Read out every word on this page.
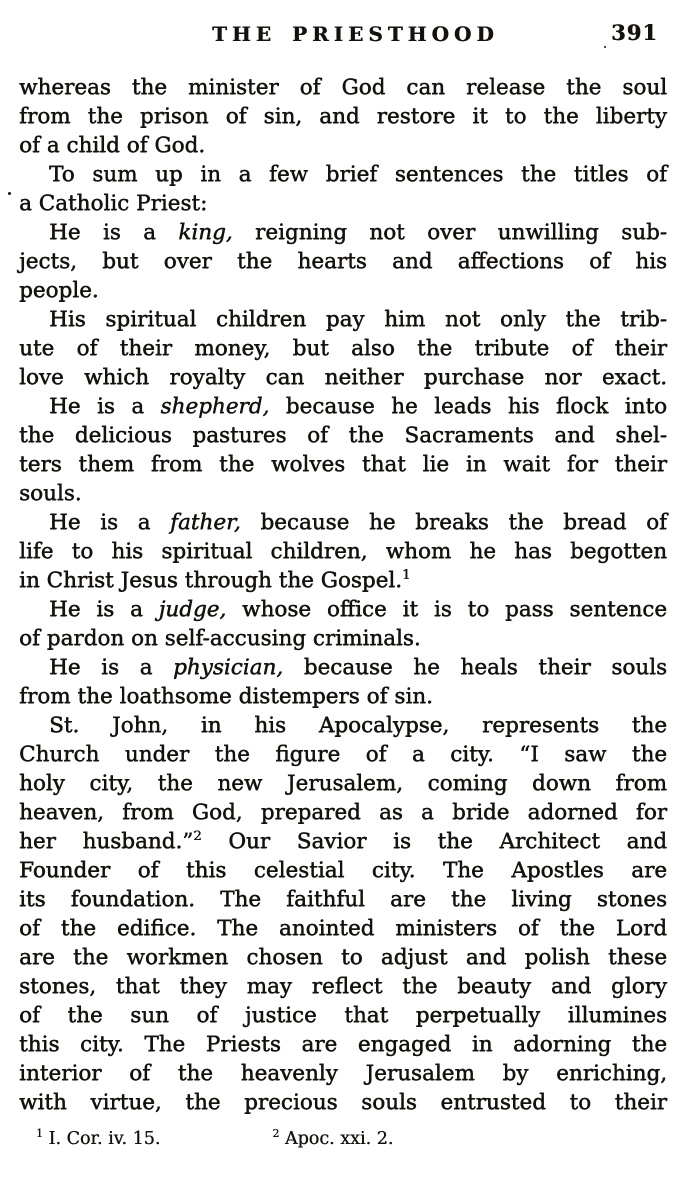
THE PRIESTHOOD	391
whereas the minister of God can release the soul
from the prison of sin, and restore it to the liberty
of a child of God.
To sum up in a few brief sentences the titles of
a Catholic Priest:
He is a king, reigning not over unwilling sub-
jects, but over the hearts and affections of his
people.
His spiritual children pay him not only the trib-
ute of their money, but also the tribute of their
love which royalty can neither purchase nor exact.
He is a shepherd, because he leads his flock into
the delicious pastures of the Sacraments and shel-
ters them from the wolves that lie in wait for their
souls.
He is a father, because he breaks the bread of
life to his spiritual children, whom he has begotten
in Christ Jesus through the Gospel.$^1$
He is a judge, whose office it is to pass sentence
of pardon on self-accusing criminals.
He is a physician, because he heals their souls
from the loathsome distempers of sin.
St. John, in his Apocalypse, represents the
Church under the figure of a city. “I saw the
holy city, the new Jerusalem, coming down from
heaven, from God, prepared as a bride adorned for
her husband.”$^2$ Our Savior is the Architect and
Founder of this celestial city. The Apostles are
its foundation. The faithful are the living stones
of the edifice. The anointed ministers of the Lord
are the workmen chosen to adjust and polish these
stones, that they may reflect the beauty and glory
of the sun of justice that perpetually illumines
this city. The Priests are engaged in adorning the
interior of the heavenly Jerusalem by enriching,
with virtue, the precious souls entrusted to their
$^1$ I. Cor. iv. 15.	$^2$ Apoc. xxi. 2.
